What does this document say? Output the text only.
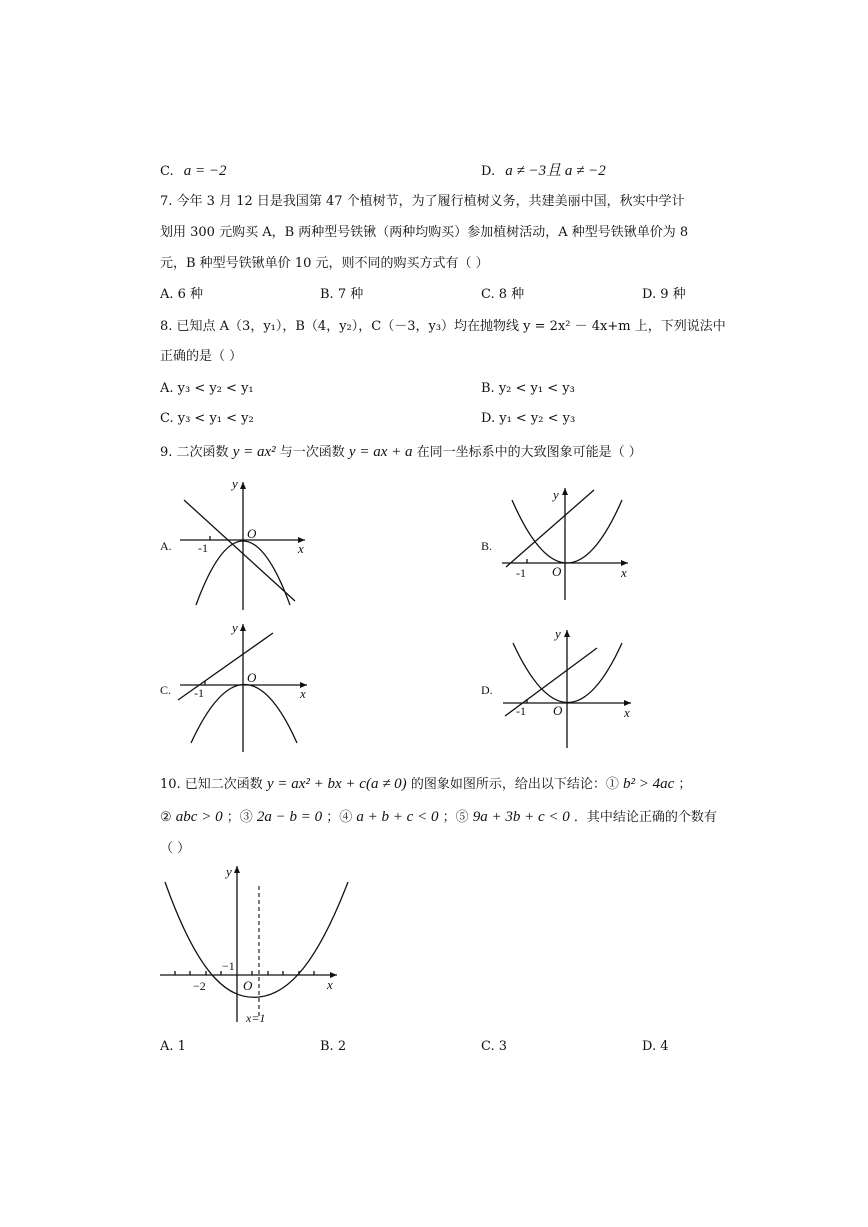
C. a = −2	D. a ≠ −3且 a ≠ −2
7. 今年 3 月 12 日是我国第 47 个植树节，为了履行植树义务，共建美丽中国，秋实中学计
划用 300 元购买 A，B 两种型号铁锹（两种均购买）参加植树活动，A 种型号铁锹单价为 8
元，B 种型号铁锹单价 10 元，则不同的购买方式有（ ）
A. 6 种	B. 7 种	C. 8 种	D. 9 种
8. 已知点 A（3，y₁），B（4，y₂），C（－3，y₃）均在抛物线 y = 2x² － 4x+m 上，下列说法中
正确的是（ ）
A. y₃ < y₂ < y₁	B. y₂ < y₁ < y₃
C. y₃ < y₁ < y₂	D. y₁ < y₂ < y₃
9. 二次函数 y = ax² 与一次函数 y = ax + a 在同一坐标系中的大致图象可能是（ ）
A.	B.
C.	D.
-1
O
x
y
-1 O	x
y
-1
O
x
y
-1 O	x
y
10. 已知二次函数 y = ax² + bx + c(a ≠ 0) 的图象如图所示，给出以下结论：① b² > 4ac ；
② abc > 0 ；③ 2a − b = 0 ；④ a + b + c < 0 ；⑤ 9a + 3b + c < 0 ．其中结论正确的个数有
（ ）
−1
−2	O	x
y
x=1
A. 1	B. 2	C. 3	D. 4
